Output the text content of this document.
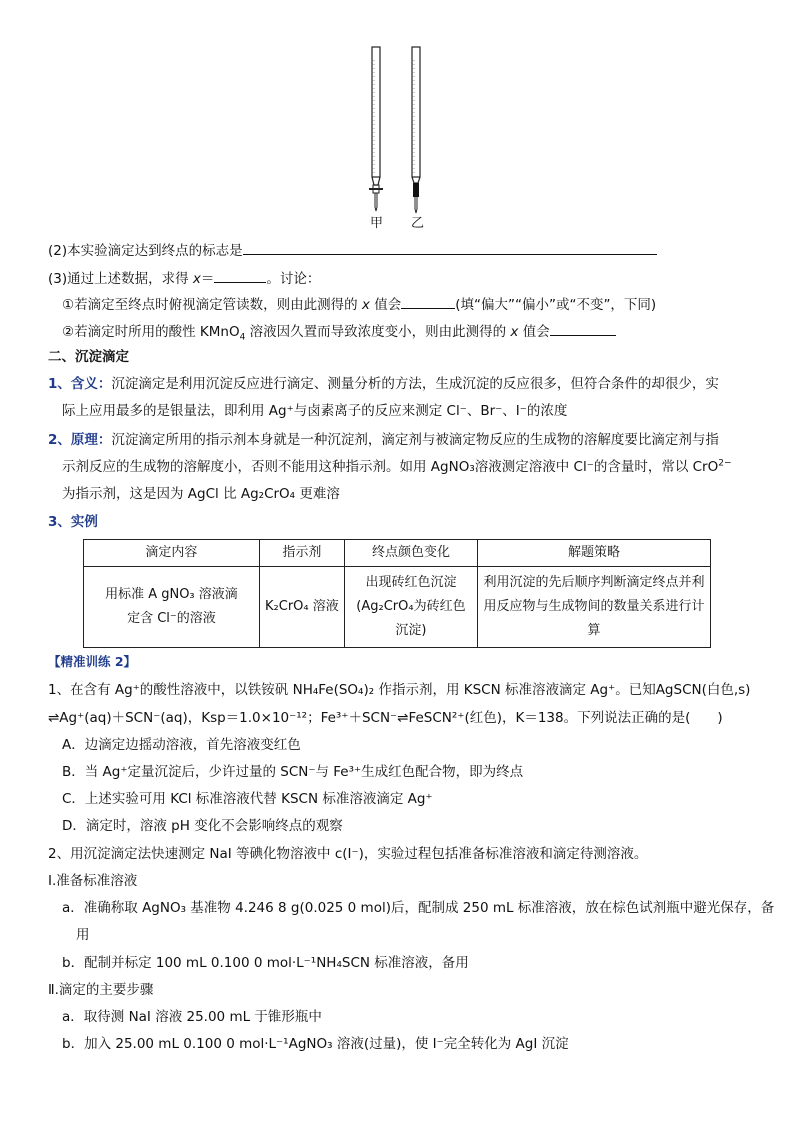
甲 乙
(2)本实验滴定达到终点的标志是
(3)通过上述数据，求得 x＝	。讨论：
①若滴定至终点时俯视滴定管读数，则由此测得的 x 值会	(填“偏大”“偏小”或“不变”，下同)
②若滴定时所用的酸性 KMnO$_4$ 溶液因久置而导致浓度变小，则由此测得的 x 值会
二、沉淀滴定
1、含义：沉淀滴定是利用沉淀反应进行滴定、测量分析的方法，生成沉淀的反应很多，但符合条件的却很少，实
际上应用最多的是银量法，即利用 Ag⁺与卤素离子的反应来测定 Cl⁻、Br⁻、I⁻的浓度
2、原理：沉淀滴定所用的指示剂本身就是一种沉淀剂，滴定剂与被滴定物反应的生成物的溶解度要比滴定剂与指
示剂反应的生成物的溶解度小，否则不能用这种指示剂。如用 AgNO₃溶液测定溶液中 Cl⁻的含量时，常以 CrO$^{2-}$
为指示剂，这是因为 AgCl 比 Ag₂CrO₄ 更难溶
3、实例
滴定内容	指示剂	终点颜色变化	解题策略

用标准 A gNO₃ 溶液滴定含 Cl⁻的溶液	K₂CrO₄ 溶液	出现砖红色沉淀(Ag₂CrO₄为砖红色沉淀)	利用沉淀的先后顺序判断滴定终点并利用反应物与生成物间的数量关系进行计算
【精准训练 2】
1、在含有 Ag⁺的酸性溶液中，以铁铵矾 NH₄Fe(SO₄)₂ 作指示剂，用 KSCN 标准溶液滴定 Ag⁺。已知AgSCN(白色,s)
⇌Ag⁺(aq)＋SCN⁻(aq)，Ksp＝1.0×10⁻¹²；Fe³⁺＋SCN⁻⇌FeSCN²⁺(红色)，K＝138。下列说法正确的是(　　)
A．边滴定边摇动溶液，首先溶液变红色
B．当 Ag⁺定量沉淀后，少许过量的 SCN⁻与 Fe³⁺生成红色配合物，即为终点
C．上述实验可用 KCl 标准溶液代替 KSCN 标准溶液滴定 Ag⁺
D．滴定时，溶液 pH 变化不会影响终点的观察
2、用沉淀滴定法快速测定 NaI 等碘化物溶液中 c(I⁻)，实验过程包括准备标准溶液和滴定待测溶液。
Ⅰ.准备标准溶液
a．准确称取 AgNO₃ 基准物 4.246 8 g(0.025 0 mol)后，配制成 250 mL 标准溶液，放在棕色试剂瓶中避光保存，备
用
b．配制并标定 100 mL 0.100 0 mol·L⁻¹NH₄SCN 标准溶液，备用
Ⅱ.滴定的主要步骤
a．取待测 NaI 溶液 25.00 mL 于锥形瓶中
b．加入 25.00 mL 0.100 0 mol·L⁻¹AgNO₃ 溶液(过量)，使 I⁻完全转化为 AgI 沉淀
